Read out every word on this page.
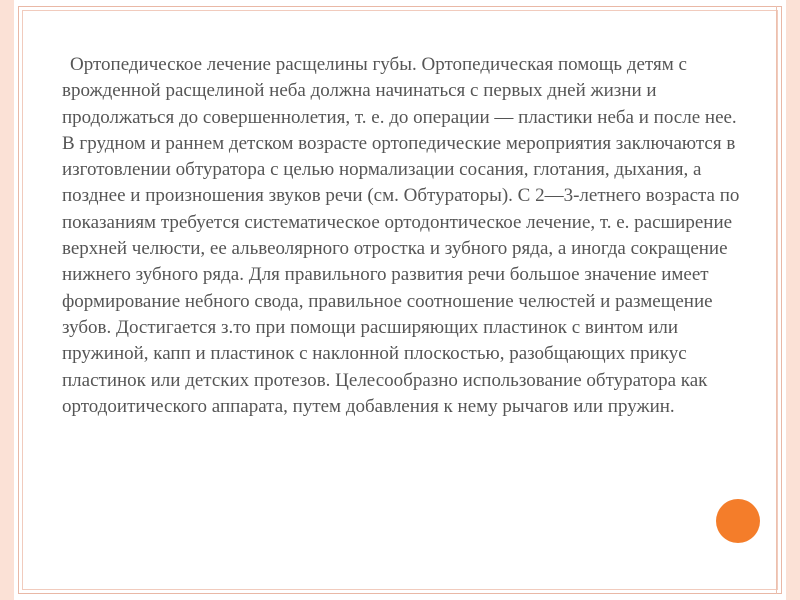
Ортопедическое лечение расщелины губы. Ортопедическая помощь детям с врожденной расщелиной неба должна начинаться с первых дней жизни и продолжаться до совершеннолетия, т. е. до операции — пластики неба и после нее. В грудном и раннем детском возрасте ортопедические мероприятия заключаются в изготовлении обтуратора с целью нормализации сосания, глотания, дыхания, а позднее и произношения звуков речи (см. Обтураторы). С 2—3-летнего возраста по показаниям требуется систематическое ортодонтическое лечение, т. е. расширение верхней челюсти, ее альвеолярного отростка и зубного ряда, а иногда сокращение нижнего зубного ряда. Для правильного развития речи большое значение имеет формирование небного свода, правильное соотношение челюстей и размещение зубов. Достигается з.то при помощи расширяющих пластинок с винтом или пружиной, капп и пластинок с наклонной плоскостью, разобщающих прикус пластинок или детских протезов. Целесообразно использование обтуратора как ортодоитического аппарата, путем добавления к нему рычагов или пружин.
